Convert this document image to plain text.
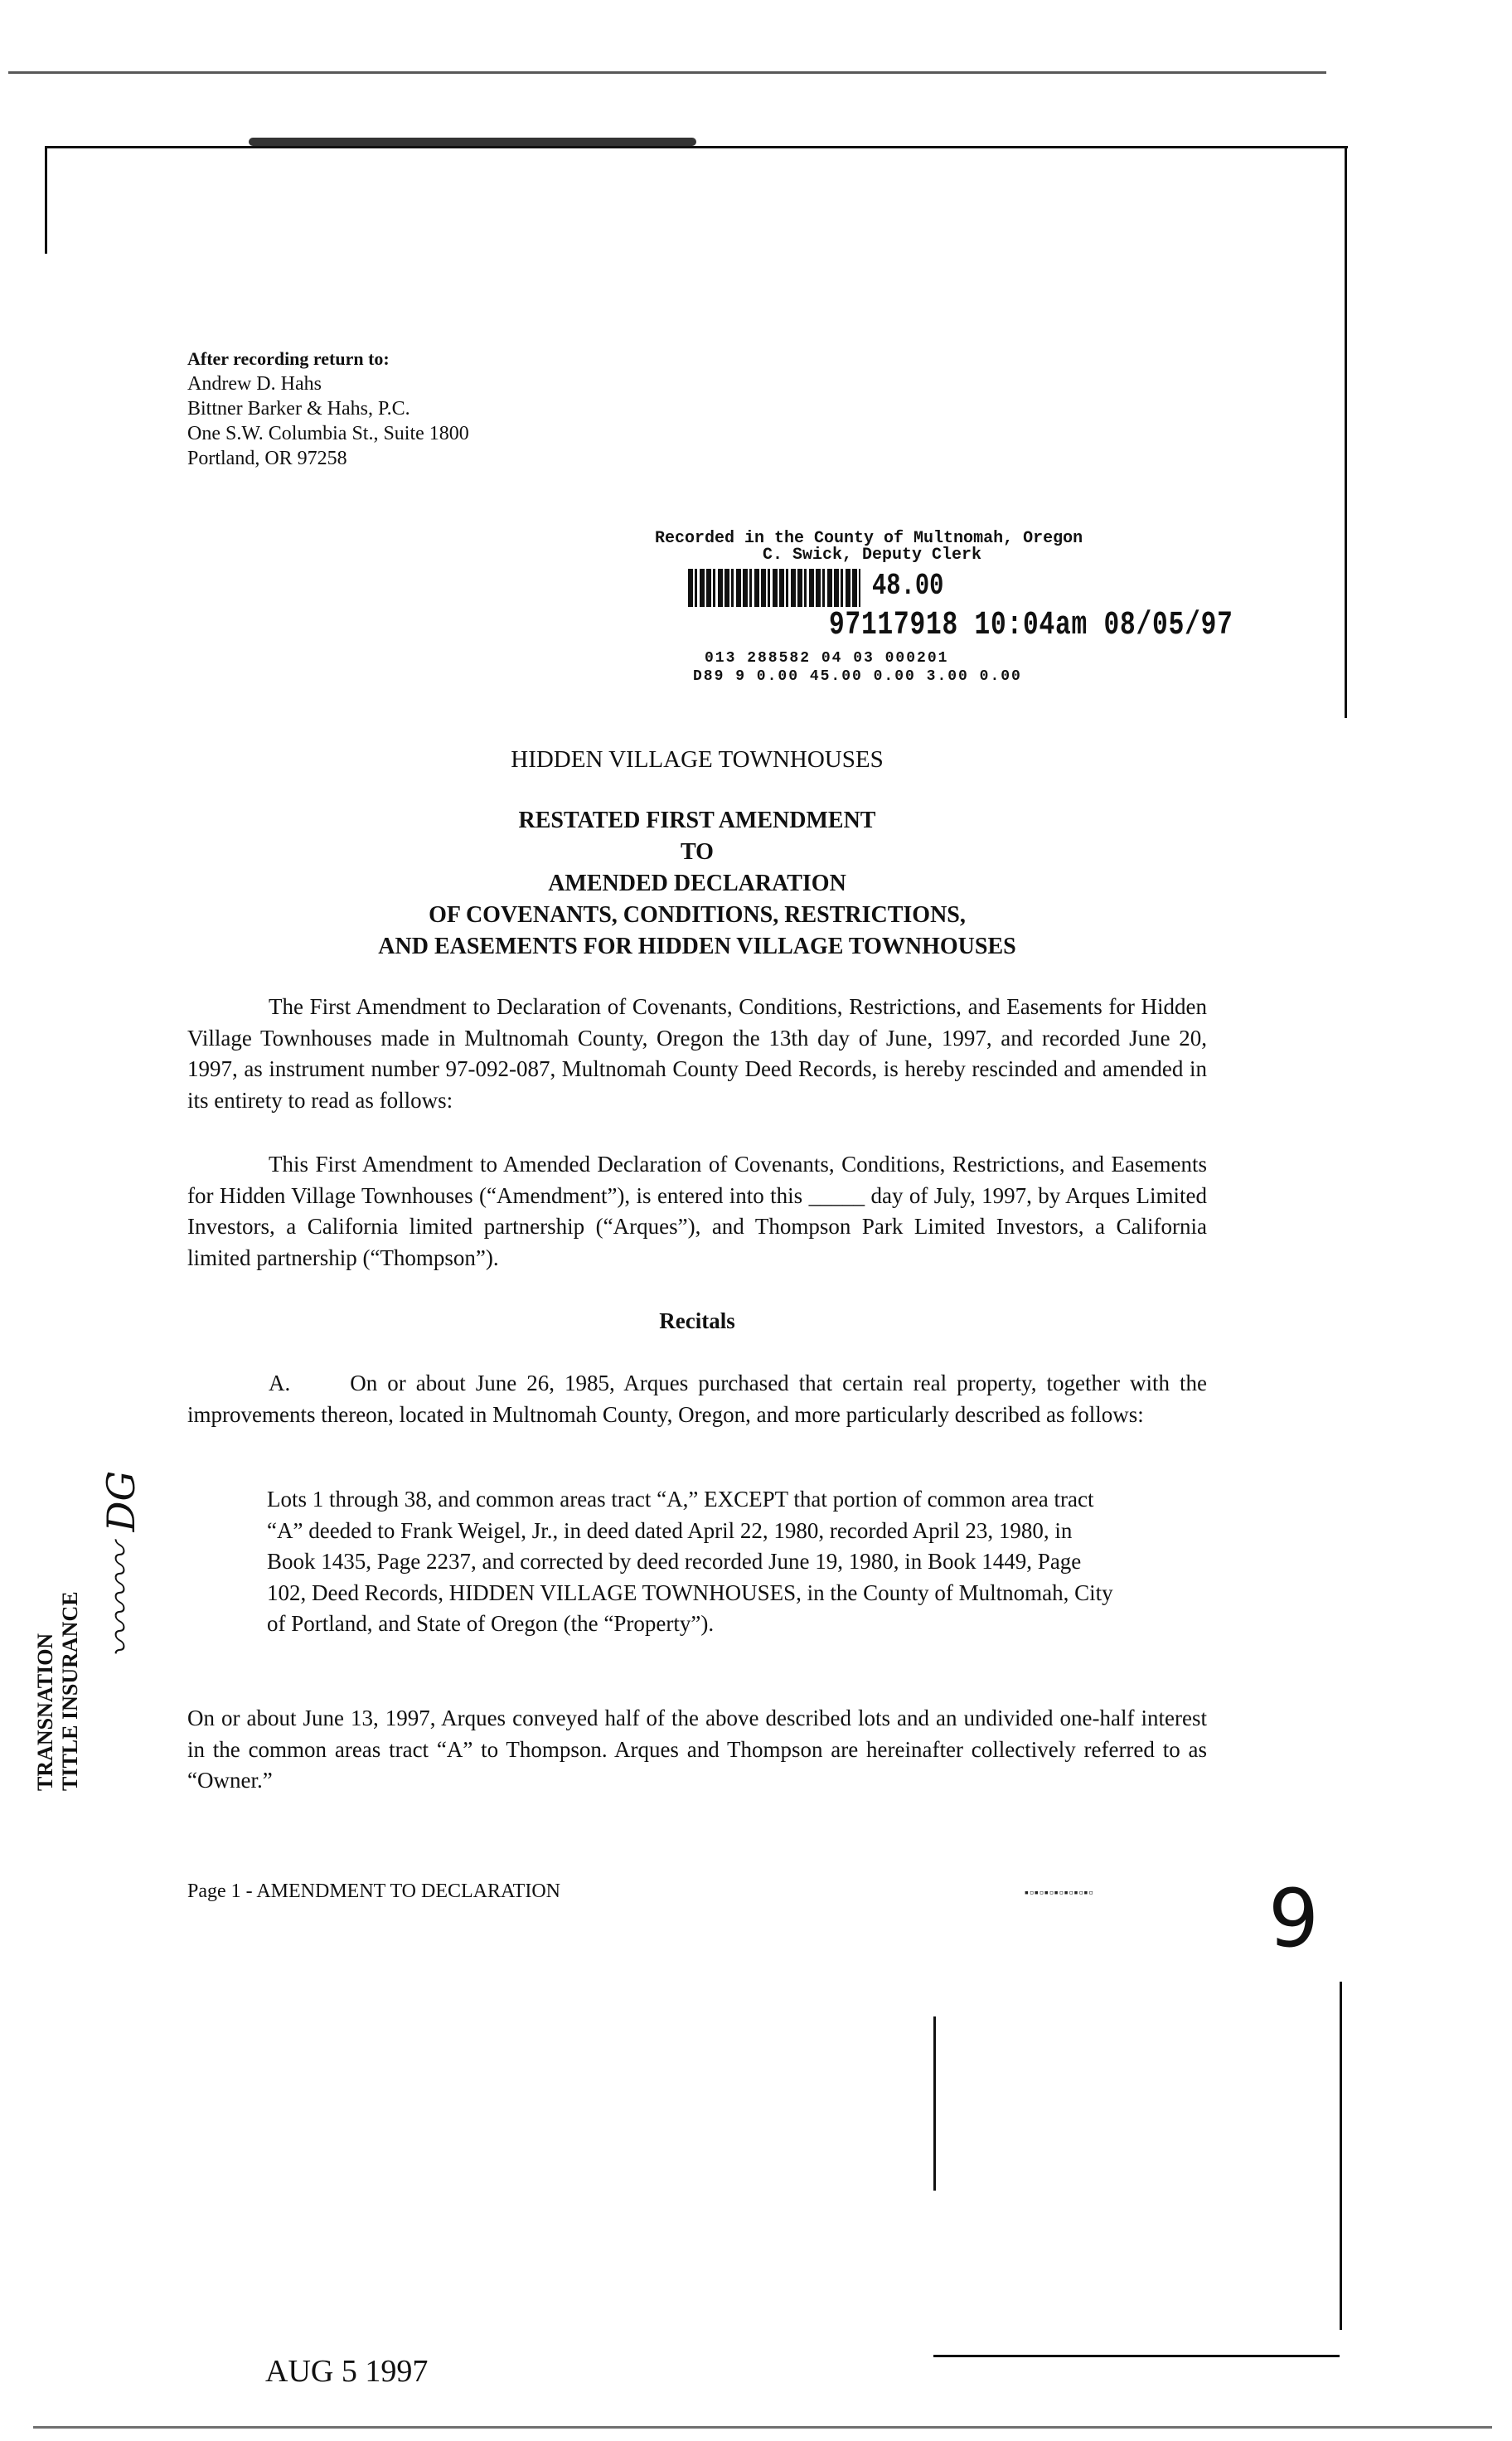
After recording return to:
Andrew D. Hahs
Bittner Barker & Hahs, P.C.
One S.W. Columbia St., Suite 1800
Portland, OR 97258
Recorded in the County of Multnomah, Oregon
C. Swick, Deputy Clerk
48.00
97117918 10:04am 08/05/97
013 288582 04 03 000201
D89 9 0.00 45.00 0.00 3.00 0.00
HIDDEN VILLAGE TOWNHOUSES
RESTATED FIRST AMENDMENT
TO
AMENDED DECLARATION
OF COVENANTS, CONDITIONS, RESTRICTIONS,
AND EASEMENTS FOR HIDDEN VILLAGE TOWNHOUSES
The First Amendment to Declaration of Covenants, Conditions, Restrictions, and Easements for Hidden Village Townhouses made in Multnomah County, Oregon the 13th day of June, 1997, and recorded June 20, 1997, as instrument number 97-092-087, Multnomah County Deed Records, is hereby rescinded and amended in its entirety to read as follows:
This First Amendment to Amended Declaration of Covenants, Conditions, Restrictions, and Easements for Hidden Village Townhouses (“Amendment”), is entered into this _____ day of July, 1997, by Arques Limited Investors, a California limited partnership (“Arques”), and Thompson Park Limited Investors, a California limited partnership (“Thompson”).
Recitals
A.      On or about June 26, 1985, Arques purchased that certain real property, together with the improvements thereon, located in Multnomah County, Oregon, and more particularly described as follows:
Lots 1 through 38, and common areas tract “A,” EXCEPT that portion of common area tract “A” deeded to Frank Weigel, Jr., in deed dated April 22, 1980, recorded April 23, 1980, in Book 1435, Page 2237, and corrected by deed recorded June 19, 1980, in Book 1449, Page 102, Deed Records, HIDDEN VILLAGE TOWNHOUSES, in the County of Multnomah, City of Portland, and State of Oregon (the “Property”).
On or about June 13, 1997, Arques conveyed half of the above described lots and an undivided one-half interest in the common areas tract “A” to Thompson. Arques and Thompson are hereinafter collectively referred to as “Owner.”
Page 1 - AMENDMENT TO DECLARATION	▪▫▪▫▪▫▪▫▪▫▪▫▪▫ 9
AUG 5 1997
TRANSNATION TITLE INSURANCE
〰〰〰 DG
